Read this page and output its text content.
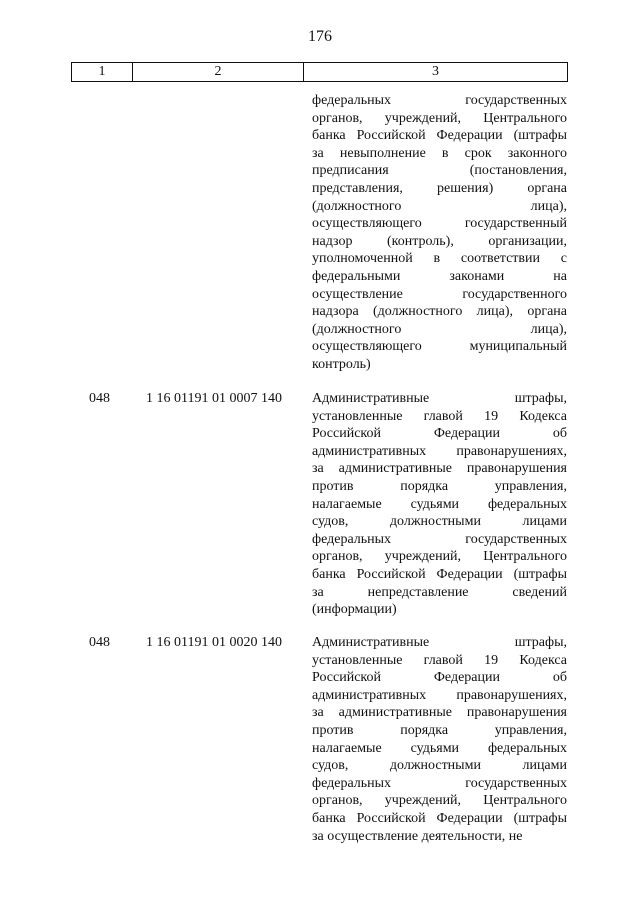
176
1	2	3
федеральных государственных
органов, учреждений, Центрального
банка Российской Федерации (штрафы
за невыполнение в срок законного
предписания (постановления,
представления, решения) органа
(должностного лица),
осуществляющего государственный
надзор (контроль), организации,
уполномоченной в соответствии с
федеральными законами на
осуществление государственного
надзора (должностного лица), органа
(должностного лица),
осуществляющего муниципальный
контроль)
048	1 16 01191 01 0007 140 Административные штрафы,
установленные главой 19 Кодекса
Российской Федерации об
административных правонарушениях,
за административные правонарушения
против порядка управления,
налагаемые судьями федеральных
судов, должностными лицами
федеральных государственных
органов, учреждений, Центрального
банка Российской Федерации (штрафы
за непредставление сведений
(информации)
048	1 16 01191 01 0020 140 Административные штрафы,
установленные главой 19 Кодекса
Российской Федерации об
административных правонарушениях,
за административные правонарушения
против порядка управления,
налагаемые судьями федеральных
судов, должностными лицами
федеральных государственных
органов, учреждений, Центрального
банка Российской Федерации (штрафы
за осуществление деятельности, не
